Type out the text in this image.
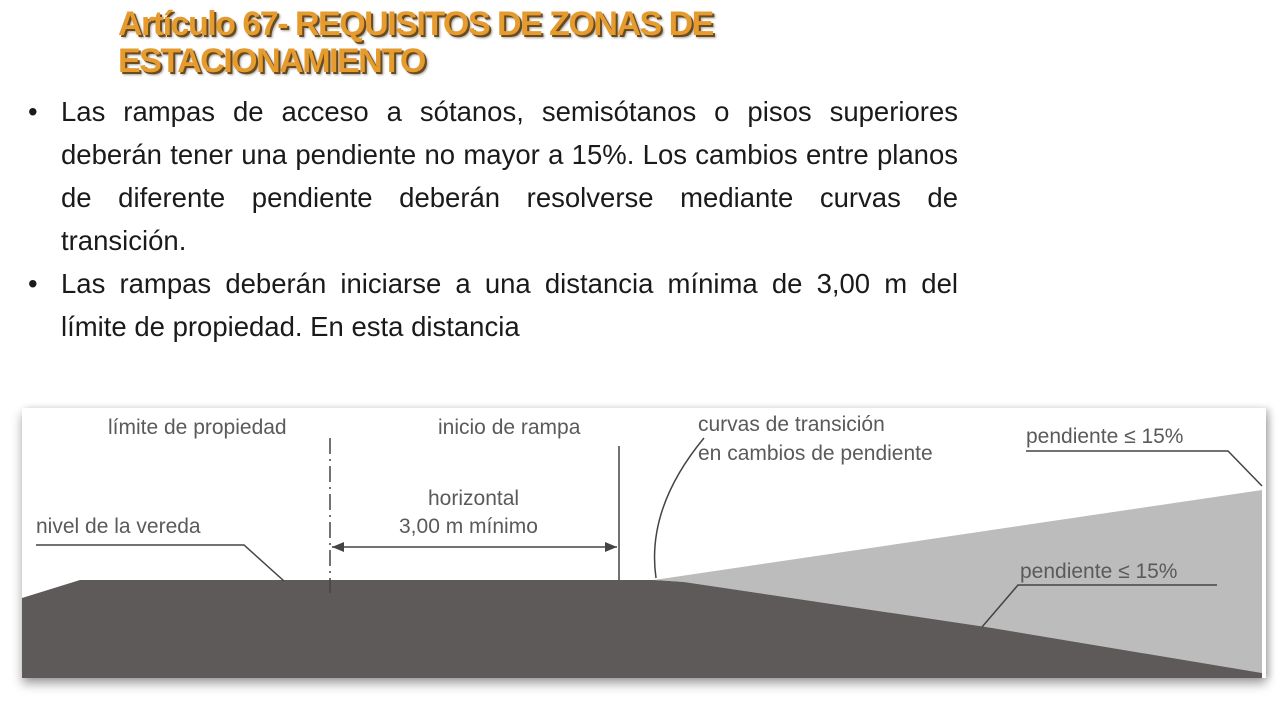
Artículo 67- REQUISITOS DE ZONAS DE ESTACIONAMIENTO
• Las rampas de acceso a sótanos, semisótanos o pisos superiores deberán tener una pendiente no mayor a 15%. Los cambios entre planos de diferente pendiente deberán resolverse mediante curvas de transición.
• Las rampas deberán iniciarse a una distancia mínima de 3,00 m del límite de propiedad. En esta distancia
límite de propiedad	inicio de rampa	curvas de transición
en cambios de pendiente
pendiente ≤ 15%
horizontal
3,00 m mínimo
nivel de la vereda
pendiente ≤ 15%
